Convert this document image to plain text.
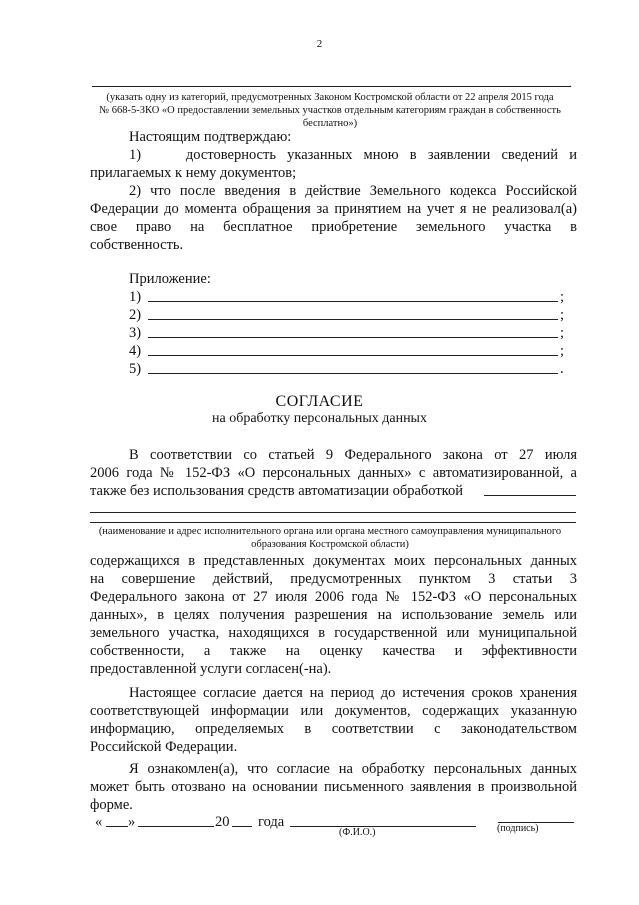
2
.
(указать одну из категорий, предусмотренных Законом Костромской области от 22 апреля 2015 года
№ 668-5-ЗКО «О предоставлении земельных участков отдельным категориям граждан в собственность
бесплатно»)
Настоящим подтверждаю:
1)    достоверность указанных мною в заявлении сведений и
прилагаемых к нему документов;
2) что после введения в действие Земельного кодекса Российской
Федерации до момента обращения за принятием на учет я не реализовал(а)
свое право на бесплатное приобретение земельного участка в
собственность.
Приложение:
1)	;
2)	;
3)	;
4)	;
5)	.
СОГЛАСИЕ
на обработку персональных данных
В соответствии со статьей 9 Федерального закона от 27 июля
2006 года № 152-ФЗ «О персональных данных» с автоматизированной, а
также без использования средств автоматизации обработкой
(наименование и адрес исполнительного органа или органа местного самоуправления муниципального
образования Костромской области)
содержащихся в представленных документах моих персональных данных
на совершение действий, предусмотренных пунктом 3 статьи 3
Федерального закона от 27 июля 2006 года № 152-ФЗ «О персональных
данных», в целях получения разрешения на использование земель или
земельного участка, находящихся в государственной или муниципальной
собственности, а также на оценку качества и эффективности
предоставленной услуги согласен(-на).
Настоящее согласие дается на период до истечения сроков хранения
соответствующей информации или документов, содержащих указанную
информацию, определяемых в соответствии с законодательством
Российской Федерации.
Я ознакомлен(а), что согласие на обработку персональных данных
может быть отозвано на основании письменного заявления в произвольной
форме.
« »	20 года
(Ф.И.О.)	(подпись)
